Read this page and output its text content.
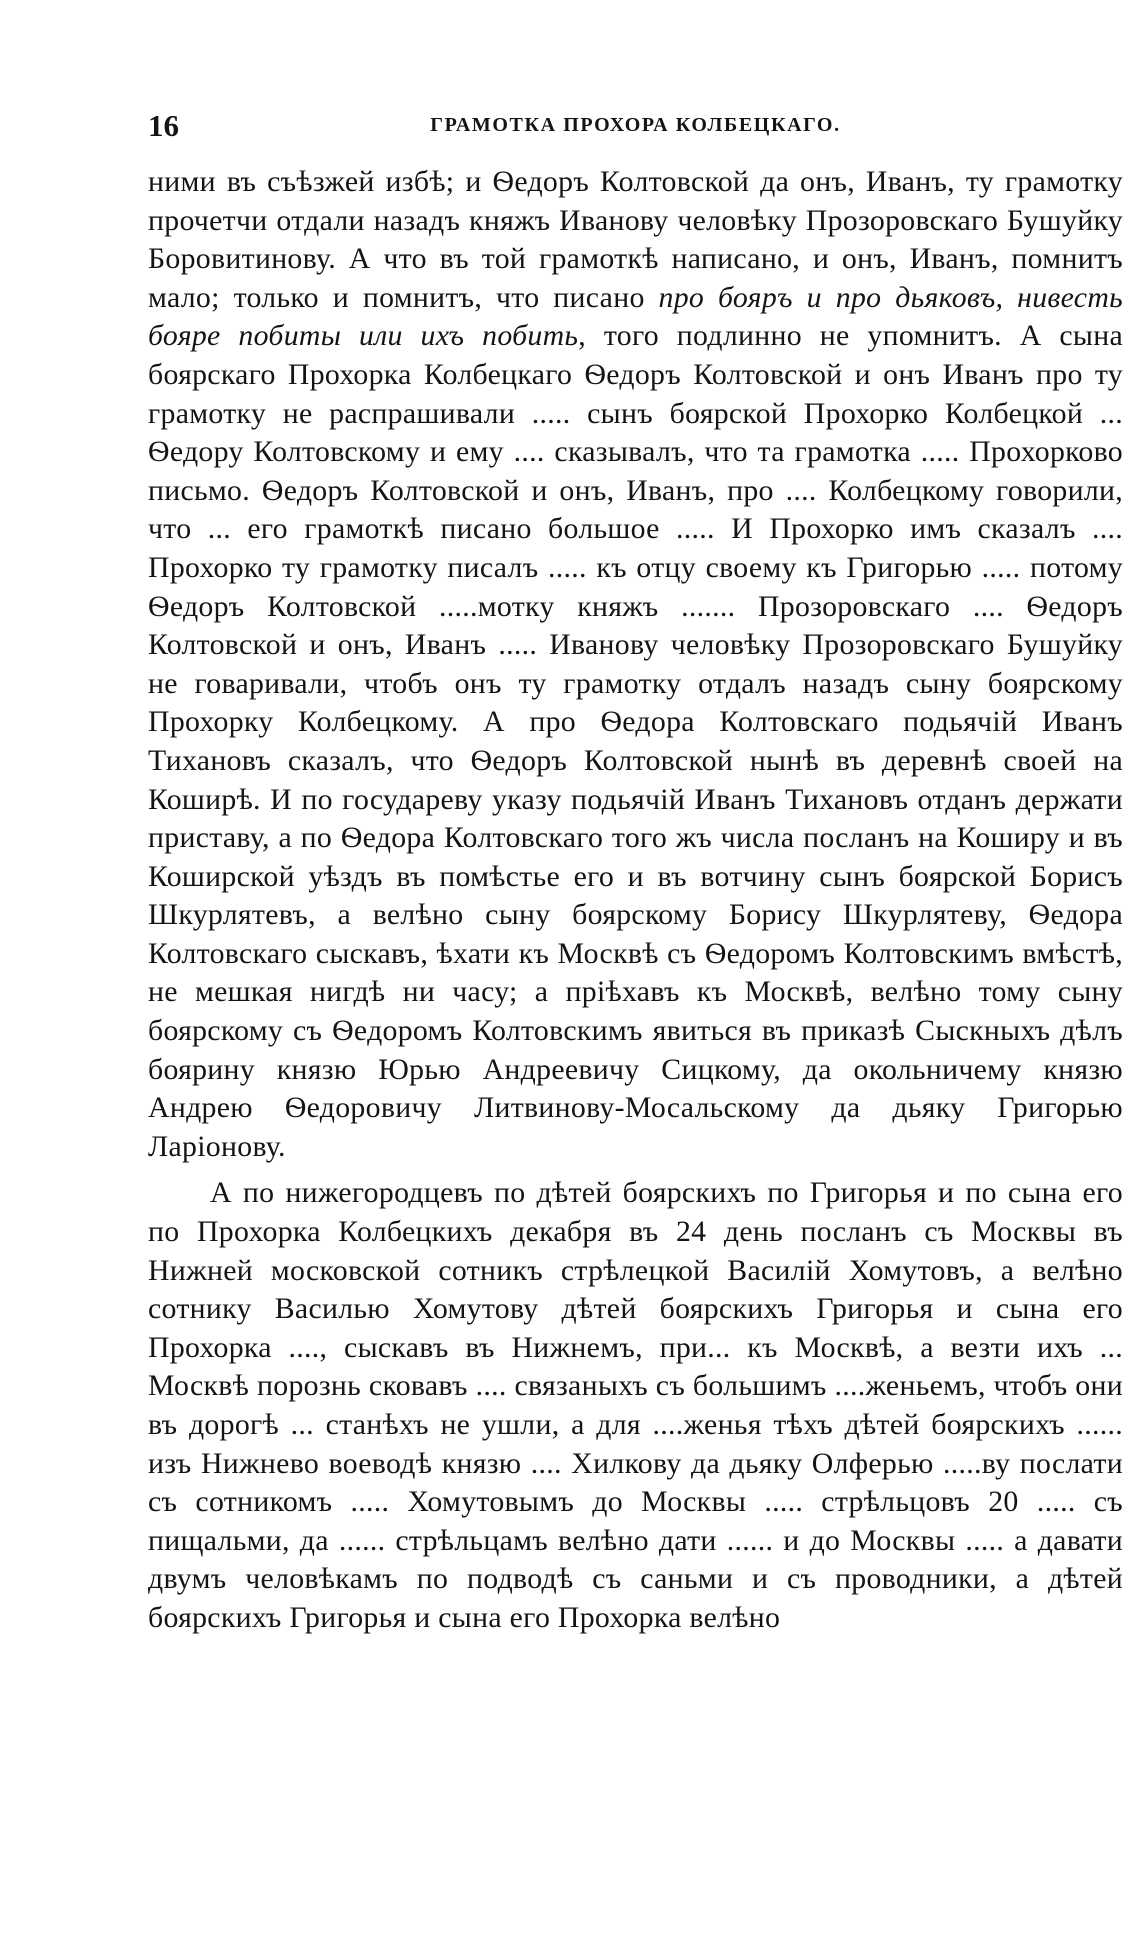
16	ГРАМОТКА ПРОХОРА КОЛБЕЦКАГО.

ними въ съѣзжей избѣ; и Ѳедоръ Колтовской да онъ, Иванъ, ту грамотку прочетчи отдали назадъ княжъ Иванову человѣку Прозоровскаго Бушуйку Боровитинову. А что въ той грамоткѣ написано, и онъ, Иванъ, помнитъ мало; только и помнитъ, что писано про бояръ и про дьяковъ, нивесть бояре побиты или ихъ побить, того подлинно не упомнитъ. А сына боярскаго Прохорка Колбецкаго Ѳедоръ Колтовской и онъ Иванъ про ту грамотку не распрашивали ..... сынъ боярской Прохорко Колбецкой ... Ѳедору Колтовскому и ему .... сказывалъ, что та грамотка ..... Прохорково письмо. Ѳедоръ Колтовской и онъ, Иванъ, про .... Колбецкому говорили, что ... его грамоткѣ писано большое ..... И Прохорко имъ сказалъ .... Прохорко ту грамотку писалъ ..... къ отцу своему къ Григорью ..... потому Ѳедоръ Колтовской .....мотку княжъ ....... Прозоровскаго .... Ѳедоръ Колтовской и онъ, Иванъ ..... Иванову человѣку Прозоровскаго Бушуйку не говаривали, чтобъ онъ ту грамотку отдалъ назадъ сыну боярскому Прохорку Колбецкому. А про Ѳедора Колтовскаго подьячій Иванъ Тихановъ сказалъ, что Ѳедоръ Колтовской нынѣ въ деревнѣ своей на Коширѣ. И по государеву указу подьячій Иванъ Тихановъ отданъ держати приставу, а по Ѳедора Колтовскаго того жъ числа посланъ на Коширу и въ Коширской уѣздъ въ помѣстье его и въ вотчину сынъ боярской Борисъ Шкурлятевъ, а велѣно сыну боярскому Борису Шкурлятеву, Ѳедора Колтовскаго сыскавъ, ѣхати къ Москвѣ съ Ѳедоромъ Колтовскимъ вмѣстѣ, не мешкая нигдѣ ни часу; а пріѣхавъ къ Москвѣ, велѣно тому сыну боярскому съ Ѳедоромъ Колтовскимъ явиться въ приказѣ Сыскныхъ дѣлъ боярину князю Юрью Андреевичу Сицкому, да окольничему князю Андрею Ѳедоровичу Литвинову-Мосальскому да дьяку Григорью Ларіонову.

А по нижегородцевъ по дѣтей боярскихъ по Григорья и по сына его по Прохорка Колбецкихъ декабря въ 24 день посланъ съ Москвы въ Нижней московской сотникъ стрѣлецкой Василій Хомутовъ, а велѣно сотнику Василью Хомутову дѣтей боярскихъ Григорья и сына его Прохорка ...., сыскавъ въ Нижнемъ, при... къ Москвѣ, а везти ихъ ... Москвѣ порознь сковавъ .... связаныхъ съ большимъ ....женьемъ, чтобъ они въ дорогѣ ... станѣхъ не ушли, а для ....женья тѣхъ дѣтей боярскихъ ...... изъ Нижнево воеводѣ князю .... Хилкову да дьяку Олферью .....ву послати съ сотникомъ ..... Хомутовымъ до Москвы ..... стрѣльцовъ 20 ..... съ пищальми, да ...... стрѣльцамъ велѣно дати ...... и до Москвы ..... а давати двумъ человѣкамъ по подводѣ съ саньми и съ проводники, а дѣтей боярскихъ Григорья и сына его Прохорка велѣно
